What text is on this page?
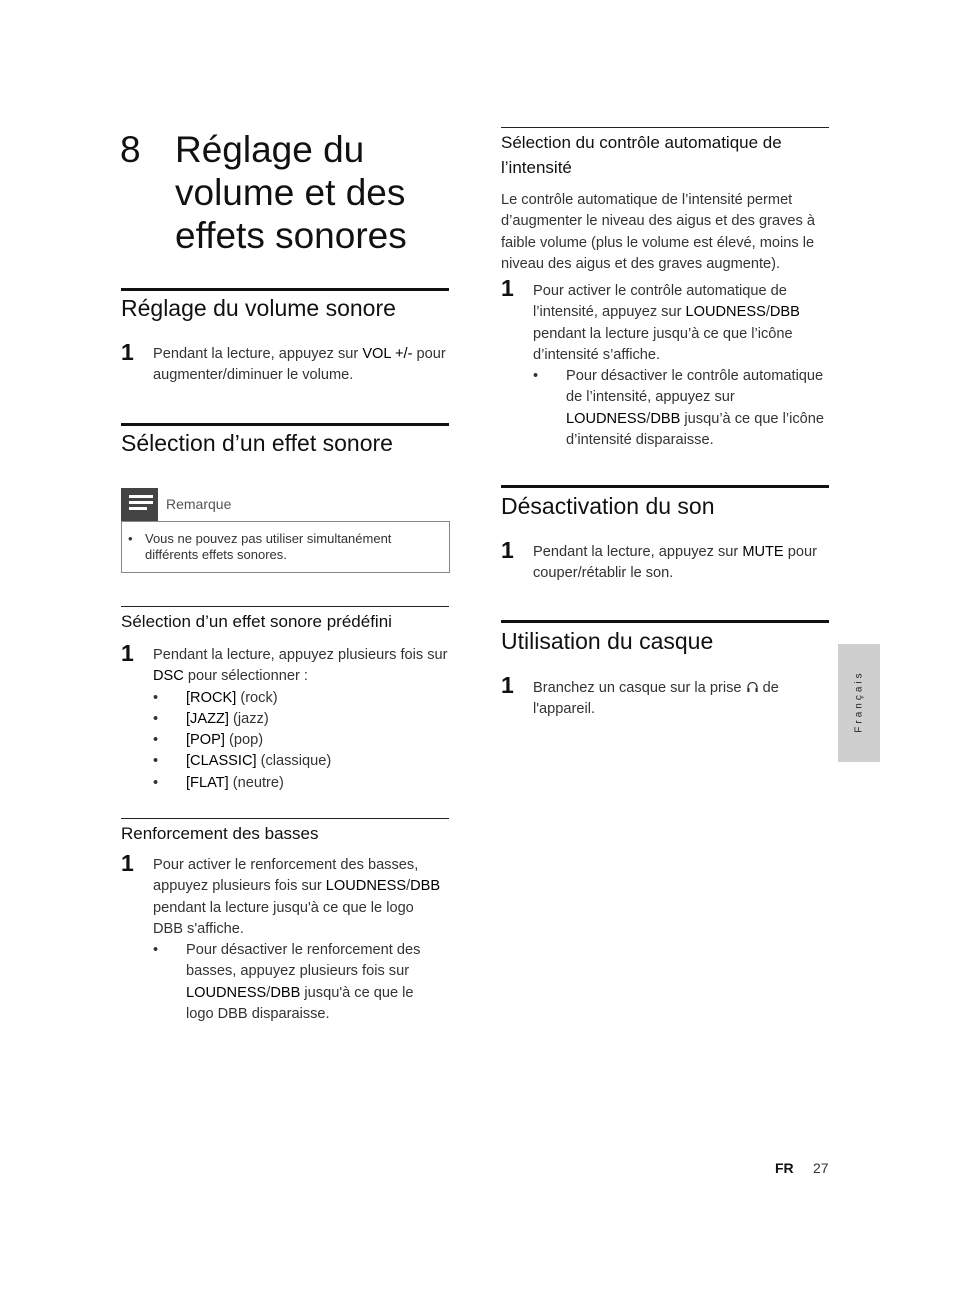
8 Réglage du volume et des effets sonores
Réglage du volume sonore
1 Pendant la lecture, appuyez sur VOL +/- pour augmenter/diminuer le volume.
Sélection d’un effet sonore
Remarque
• Vous ne pouvez pas utiliser simultanément différents effets sonores.
Sélection d’un effet sonore prédéfini
1 Pendant la lecture, appuyez plusieurs fois sur DSC pour sélectionner :
• [ROCK] (rock)
• [JAZZ] (jazz)
• [POP] (pop)
• [CLASSIC] (classique)
• [FLAT] (neutre)
Renforcement des basses
1 Pour activer le renforcement des basses, appuyez plusieurs fois sur LOUDNESS/DBB pendant la lecture jusqu'à ce que le logo DBB s'affiche.
• Pour désactiver le renforcement des basses, appuyez plusieurs fois sur LOUDNESS/DBB jusqu'à ce que le logo DBB disparaisse.
Sélection du contrôle automatique de l’intensité
Le contrôle automatique de l’intensité permet d’augmenter le niveau des aigus et des graves à faible volume (plus le volume est élevé, moins le niveau des aigus et des graves augmente).
1 Pour activer le contrôle automatique de l’intensité, appuyez sur LOUDNESS/DBB pendant la lecture jusqu’à ce que l’icône d’intensité s’affiche.
• Pour désactiver le contrôle automatique de l’intensité, appuyez sur LOUDNESS/DBB jusqu’à ce que l’icône d’intensité disparaisse.
Désactivation du son
1 Pendant la lecture, appuyez sur MUTE pour couper/rétablir le son.
Utilisation du casque
1 Branchez un casque sur la prise  de l'appareil.	Français
FR 27
